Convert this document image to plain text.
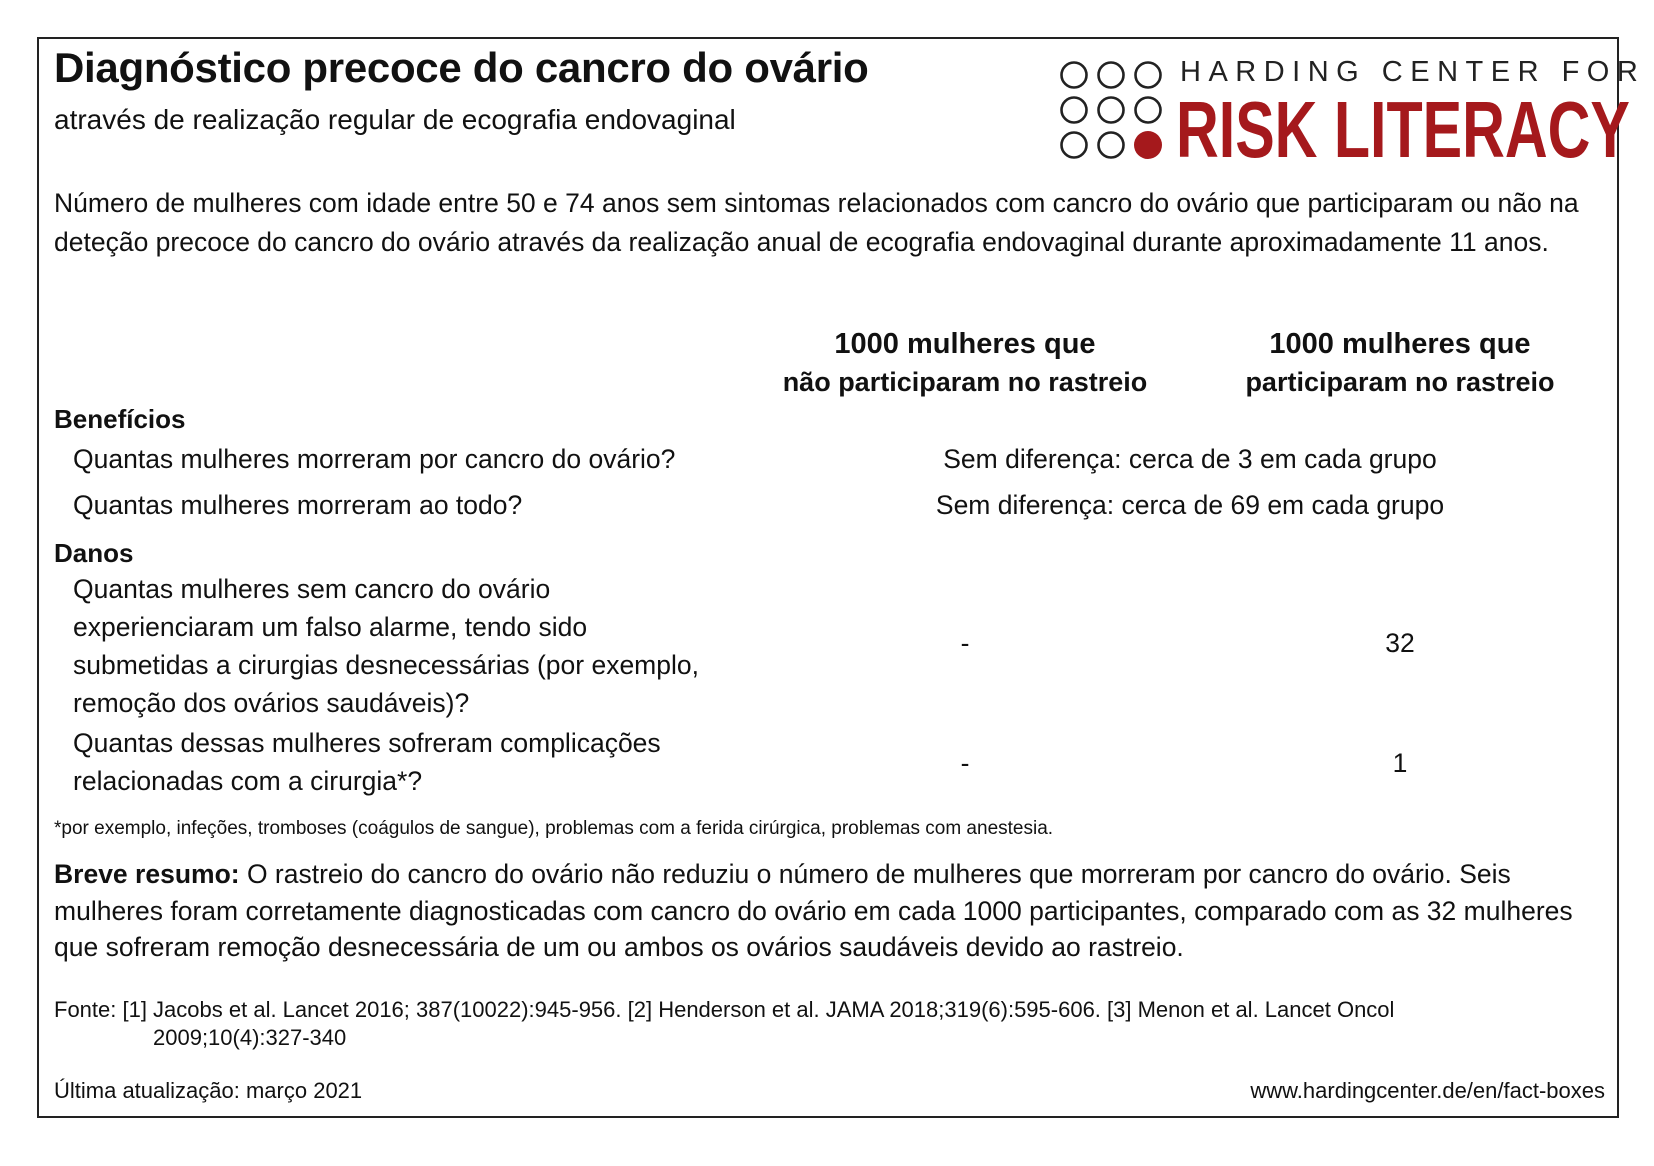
Diagnóstico precoce do cancro do ovário
através de realização regular de ecografia endovaginal
HARDING CENTER FOR
RISK LITERACY
Número de mulheres com idade entre 50 e 74 anos sem sintomas relacionados com cancro do ovário que participaram ou não na deteção precoce do cancro do ovário através da realização anual de ecografia endovaginal durante aproximadamente 11 anos.
1000 mulheres que
não participaram no rastreio
1000 mulheres que
participaram no rastreio
Benefícios
Quantas mulheres morreram por cancro do ovário?	Sem diferença: cerca de 3 em cada grupo
Quantas mulheres morreram ao todo?	Sem diferença: cerca de 69 em cada grupo
Danos
Quantas mulheres sem cancro do ovário
experienciaram um falso alarme, tendo sido
submetidas a cirurgias desnecessárias (por exemplo,
remoção dos ovários saudáveis)?
-	32
Quantas dessas mulheres sofreram complicações
relacionadas com a cirurgia*?
-	1
*por exemplo, infeções, tromboses (coágulos de sangue), problemas com a ferida cirúrgica, problemas com anestesia.
Breve resumo: O rastreio do cancro do ovário não reduziu o número de mulheres que morreram por cancro do ovário. Seis mulheres foram corretamente diagnosticadas com cancro do ovário em cada 1000 participantes, comparado com as 32 mulheres que sofreram remoção desnecessária de um ou ambos os ovários saudáveis devido ao rastreio.
Fonte: [1] Jacobs et al. Lancet 2016; 387(10022):945-956. [2] Henderson et al. JAMA 2018;319(6):595-606. [3] Menon et al. Lancet Oncol
2009;10(4):327-340
Última atualização: março 2021	www.hardingcenter.de/en/fact-boxes
